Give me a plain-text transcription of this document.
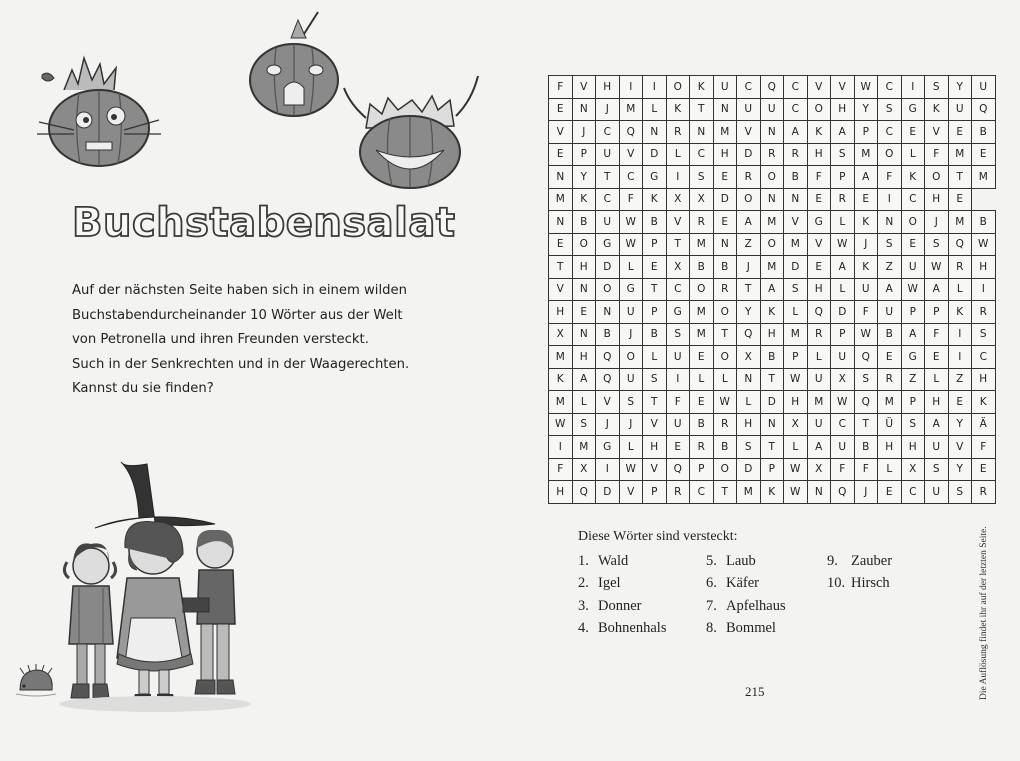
Buchstabensalat
Auf der nächsten Seite haben sich in einem wilden
Buchstabendurcheinander 10 Wörter aus der Welt
von Petronella und ihren Freunden versteckt.
Such in der Senkrechten und in der Waagerechten.
Kannst du sie finden?
F	V	H	I	I	O	K	U	C	Q	C	V	V	W	C	I	S	Y	U
E	N	J	M	L	K	T	N	U	U	C	O	H	Y	S	G	K	U	Q
V	J	C	Q	N	R	N	M	V	N	A	K	A	P	C	E	V	E	B
E	P	U	V	D	L	C	H	D	R	R	H	S	M	O	L	F	M	E
N	Y	T	C	G	I	S	E	R	O	B	F	P	A	F	K	O	T	M
M	K	C	F	K	X	X	D	O	N	N	E	R	E	I	C	H	E	
N	B	U	W	B	V	R	E	A	M	V	G	L	K	N	O	J	M	B
E	O	G	W	P	T	M	N	Z	O	M	V	W	J	S	E	S	Q	W
T	H	D	L	E	X	B	B	J	M	D	E	A	K	Z	U	W	R	H
V	N	O	G	T	C	O	R	T	A	S	H	L	U	A	W	A	L	I
H	E	N	U	P	G	M	O	Y	K	L	Q	D	F	U	P	P	K	R
X	N	B	J	B	S	M	T	Q	H	M	R	P	W	B	A	F	I	S
M	H	Q	O	L	U	E	O	X	B	P	L	U	Q	E	G	E	I	C
K	A	Q	U	S	I	L	L	N	T	W	U	X	S	R	Z	L	Z	H
M	L	V	S	T	F	E	W	L	D	H	M	W	Q	M	P	H	E	K
W	S	J	J	V	U	B	R	H	N	X	U	C	T	Ü	S	A	Y	Ä
I	M	G	L	H	E	R	B	S	T	L	A	U	B	H	H	U	V	F
F	X	I	W	V	Q	P	O	D	P	W	X	F	F	L	X	S	Y	E
H	Q	D	V	P	R	C	T	M	K	W	N	Q	J	E	C	U	S	R
Diese Wörter sind versteckt:
1. Wald
2. Igel
3. Donner
4. Bohnenhals
5. Laub
6. Käfer
7. Apfelhaus
8. Bommel
9. Zauber
10. Hirsch
215	Die Auflösung findet ihr auf der letzten Seite.
